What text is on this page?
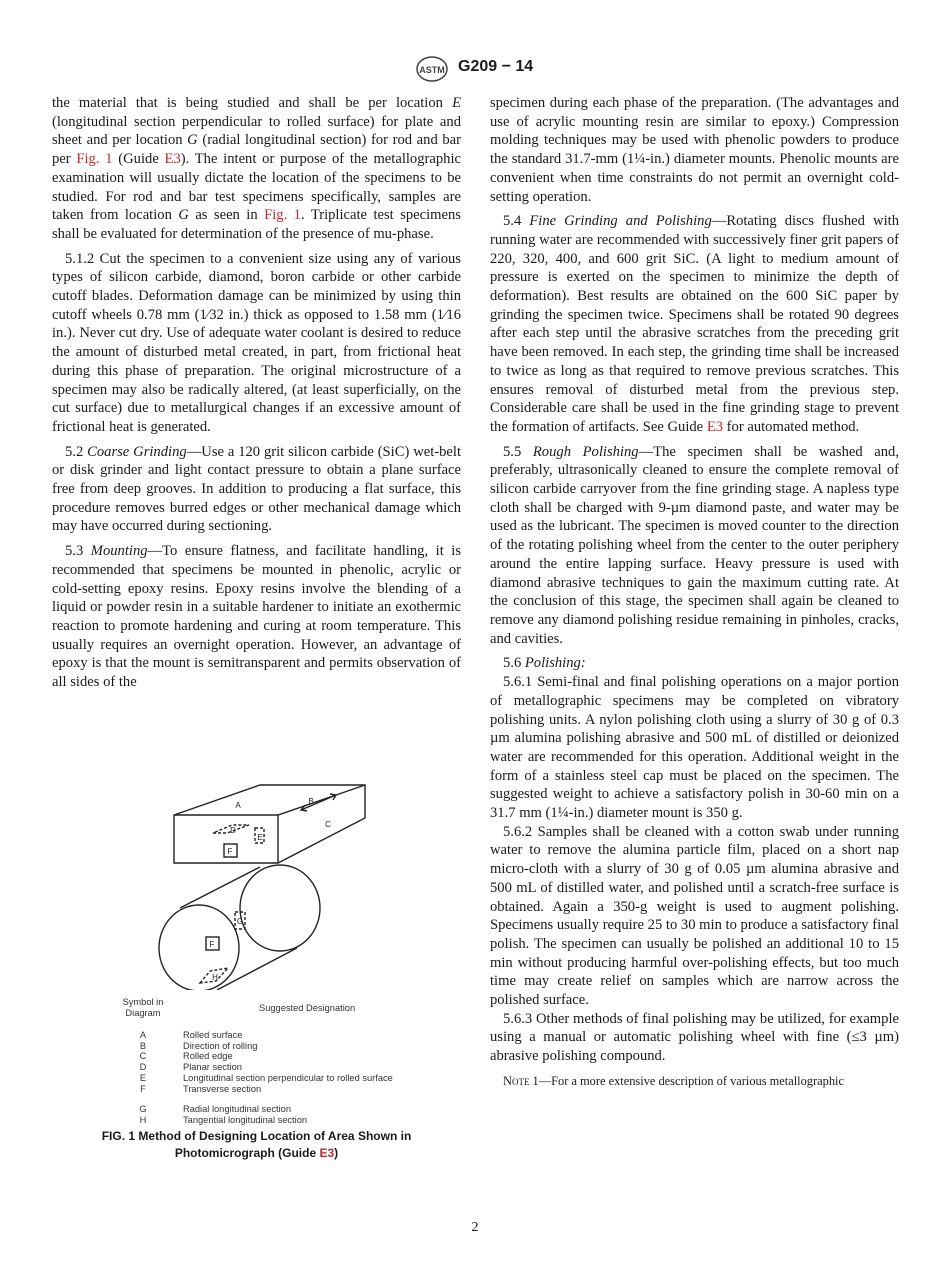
ASTM G209 − 14

the material that is being studied and shall be per location E (longitudinal section perpendicular to rolled surface) for plate and sheet and per location G (radial longitudinal section) for rod and bar per Fig. 1 (Guide E3). The intent or purpose of the metallographic examination will usually dictate the location of the specimens to be studied. For rod and bar test specimens specifically, samples are taken from location G as seen in Fig. 1. Triplicate test specimens shall be evaluated for determination of the presence of mu-phase.

5.1.2 Cut the specimen to a convenient size using any of various types of silicon carbide, diamond, boron carbide or other carbide cutoff blades. Deformation damage can be minimized by using thin cutoff wheels 0.78 mm (1⁄32 in.) thick as opposed to 1.58 mm (1⁄16 in.). Never cut dry. Use of adequate water coolant is desired to reduce the amount of disturbed metal created, in part, from frictional heat during this phase of preparation. The original microstructure of a specimen may also be radically altered, (at least superficially, on the cut surface) due to metallurgical changes if an excessive amount of frictional heat is generated.

5.2 Coarse Grinding—Use a 120 grit silicon carbide (SiC) wet-belt or disk grinder and light contact pressure to obtain a plane surface free from deep grooves. In addition to producing a flat surface, this procedure removes burred edges or other mechanical damage which may have occurred during sectioning.

5.3 Mounting—To ensure flatness, and facilitate handling, it is recommended that specimens be mounted in phenolic, acrylic or cold-setting epoxy resins. Epoxy resins involve the blending of a liquid or powder resin in a suitable hardener to initiate an exothermic reaction to promote hardening and curing at room temperature. This usually requires an overnight operation. However, an advantage of epoxy is that the mount is semitransparent and permits observation of all sides of the

specimen during each phase of the preparation. (The advantages and use of acrylic mounting resin are similar to epoxy.) Compression molding techniques may be used with phenolic powders to produce the standard 31.7-mm (1¼-in.) diameter mounts. Phenolic mounts are convenient when time constraints do not permit an overnight cold-setting operation.

5.4 Fine Grinding and Polishing—Rotating discs flushed with running water are recommended with successively finer grit papers of 220, 320, 400, and 600 grit SiC. (A light to medium amount of pressure is exerted on the specimen to minimize the depth of deformation). Best results are obtained on the 600 SiC paper by grinding the specimen twice. Specimens shall be rotated 90 degrees after each step until the abrasive scratches from the preceding grit have been removed. In each step, the grinding time shall be increased to twice as long as that required to remove previous scratches. This ensures removal of disturbed metal from the previous step. Considerable care shall be used in the fine grinding stage to prevent the formation of artifacts. See Guide E3 for automated method.

5.5 Rough Polishing—The specimen shall be washed and, preferably, ultrasonically cleaned to ensure the complete removal of silicon carbide carryover from the fine grinding stage. A napless type cloth shall be charged with 9-µm diamond paste, and water may be used as the lubricant. The specimen is moved counter to the direction of the rotating polishing wheel from the center to the outer periphery around the entire lapping surface. Heavy pressure is used with diamond abrasive techniques to gain the maximum cutting rate. At the conclusion of this stage, the specimen shall again be cleaned to remove any diamond polishing residue remaining in pinholes, cracks, and cavities.

5.6 Polishing:

5.6.1 Semi-final and final polishing operations on a major portion of metallographic specimens may be completed on vibratory polishing units. A nylon polishing cloth using a slurry of 30 g of 0.3 µm alumina polishing abrasive and 500 mL of distilled or deionized water are recommended for this operation. Additional weight in the form of a stainless steel cap must be placed on the specimen. The suggested weight to achieve a satisfactory polish in 30-60 min on a 31.7 mm (1¼-in.) diameter mount is 350 g.

5.6.2 Samples shall be cleaned with a cotton swab under running water to remove the alumina particle film, placed on a short nap micro-cloth with a slurry of 30 g of 0.05 µm alumina abrasive and 500 mL of distilled water, and polished until a scratch-free surface is obtained. Again a 350-g weight is used to augment polishing. Specimens usually require 25 to 30 min to produce a satisfactory final polish. The specimen can usually be polished an additional 10 to 15 min without producing harmful over-polishing effects, but too much time may create relief on samples which are narrow across the polished surface.

5.6.3 Other methods of final polishing may be utilized, for example using a manual or automatic polishing wheel with fine (≤3 µm) abrasive polishing compound.

Note 1—For a more extensive description of various metallographic

A	B
C
D
E
F
G
F
H
Symbol in Diagram	Suggested Designation
A	Rolled surface
B	Direction of rolling
C	Rolled edge
D	Planar section
E	Longitudinal section perpendicular to rolled surface
F	Transverse section
G	Radial longitudinal section
H	Tangential longitudinal section
FIG. 1 Method of Designing Location of Area Shown in Photomicrograph (Guide E3)
2
